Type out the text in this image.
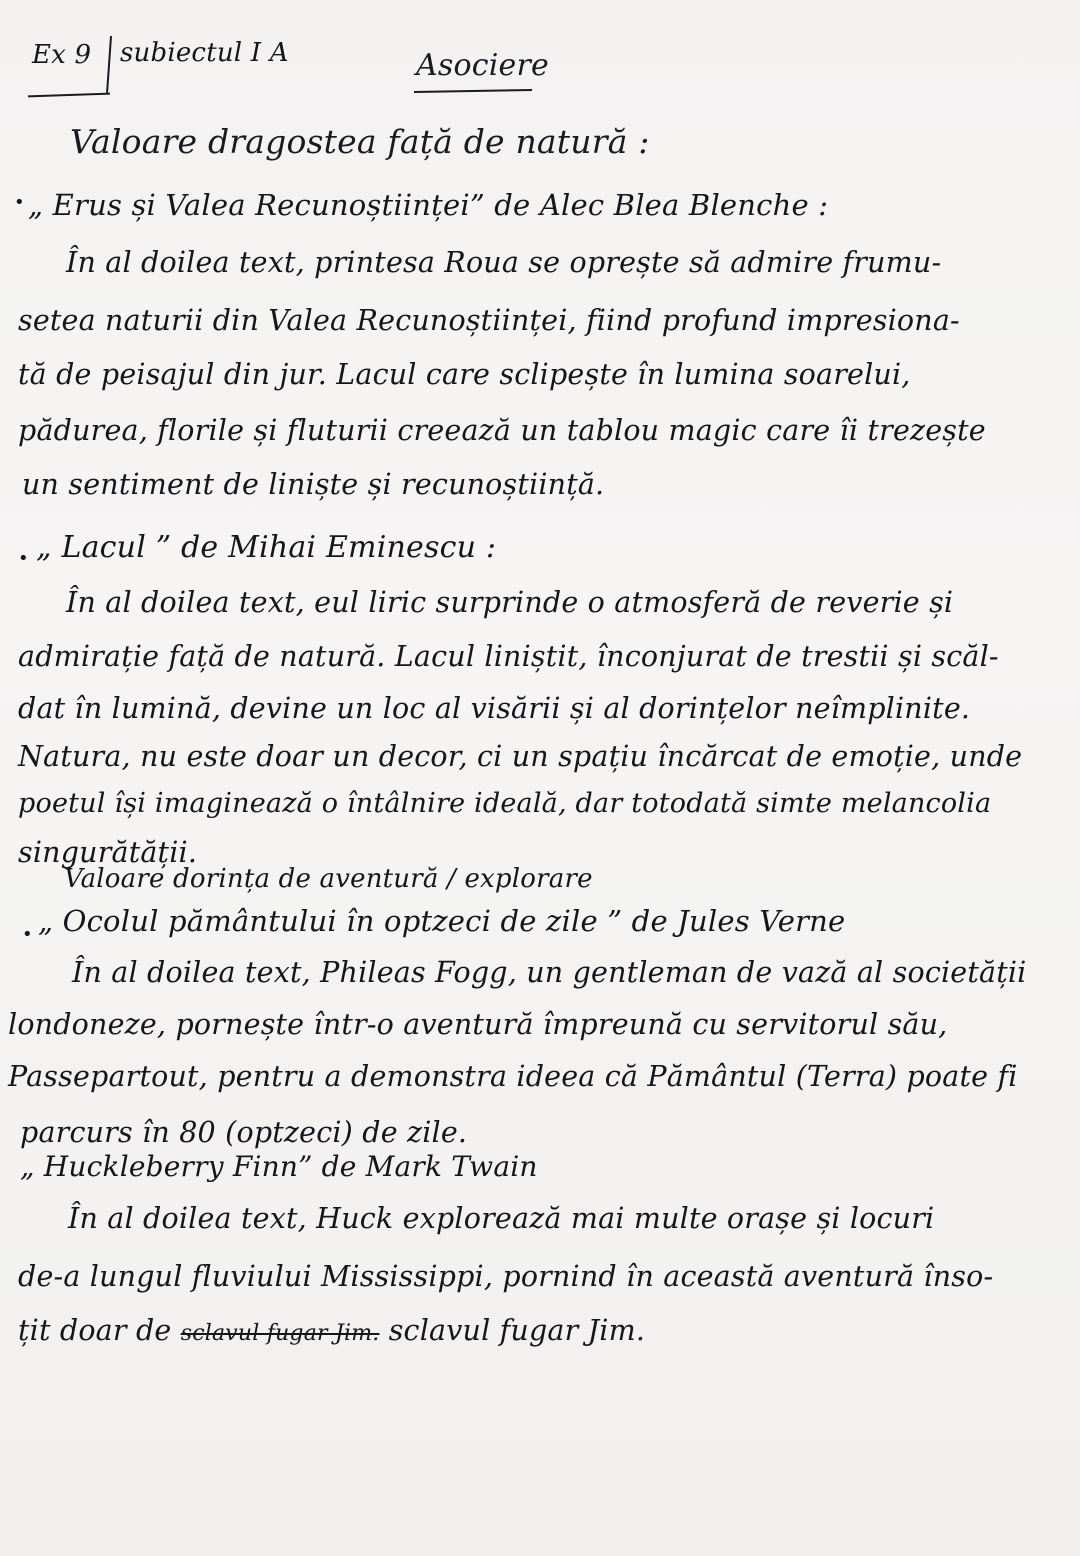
Ex 9 subiectul I A	Asociere
Valoare dragostea față de natură :
• „ Erus și Valea Recunoștiinței” de Alec Blea Blenche :
În al doilea text, printesa Roua se oprește să admire frumu-
setea naturii din Valea Recunoștiinței, fiind profund impresiona-
tă de peisajul din jur. Lacul care sclipește în lumina soarelui,
pădurea, florile și fluturii creează un tablou magic care îi trezește
un sentiment de liniște și recunoștiință.
• „ Lacul ” de Mihai Eminescu :
În al doilea text, eul liric surprinde o atmosferă de reverie și
admirație față de natură. Lacul liniștit, înconjurat de trestii și scăl-
dat în lumină, devine un loc al visării și al dorințelor neîmplinite.
Natura, nu este doar un decor, ci un spațiu încărcat de emoție, unde
poetul își imaginează o întâlnire ideală, dar totodată simte melancolia
singurătății.
Valoare dorința de aventură / explorare
• „ Ocolul pământului în optzeci de zile ” de Jules Verne
În al doilea text, Phileas Fogg, un gentleman de vază al societății
londoneze, pornește într-o aventură împreună cu servitorul său,
Passepartout, pentru a demonstra ideea că Pământul (Terra) poate fi
parcurs în 80 (optzeci) de zile.
„ Huckleberry Finn” de Mark Twain
În al doilea text, Huck explorează mai multe orașe și locuri
de-a lungul fluviului Mississippi, pornind în această aventură înso-
țit doar de sclavul fugar Jim. sclavul fugar Jim.
